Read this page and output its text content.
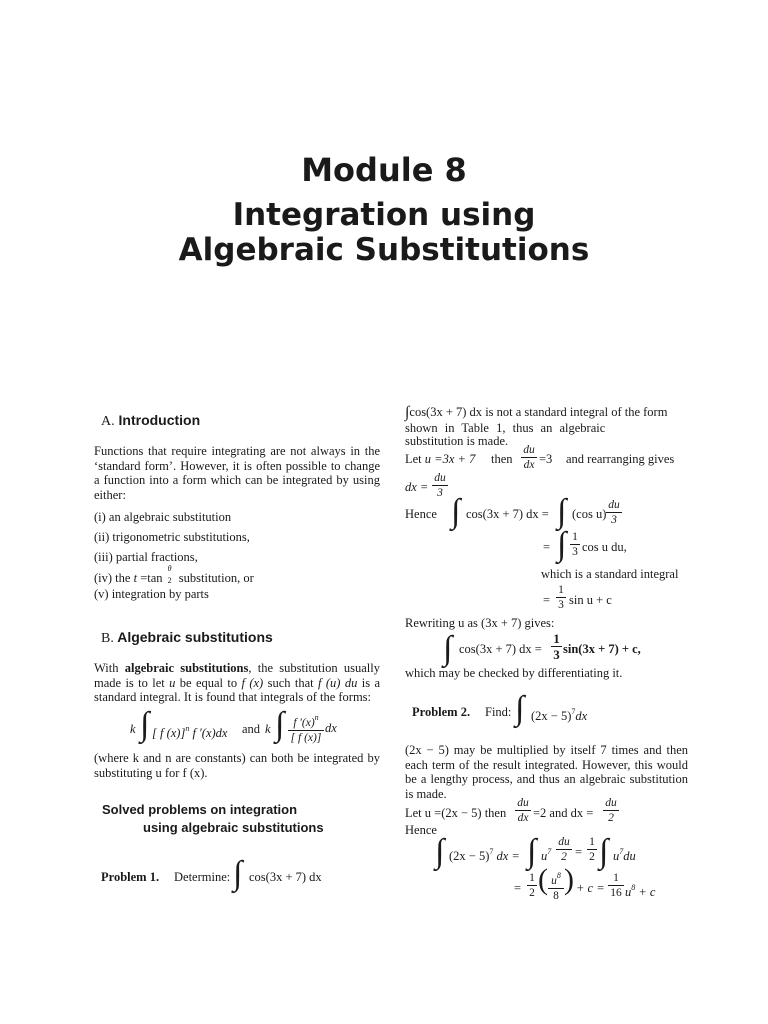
Module 8
Integration using
Algebraic Substitutions
A. Introduction
Functions that require integrating are not always in the ‘standard form’. However, it is often possible to change a function into a form which can be integrated by using either:
(i) an algebraic substitution
(ii) trigonometric substitutions,
(iii) partial fractions,
(iv) the t =tan
θ
2 substitution, or
(v) integration by parts
B. Algebraic substitutions
With algebraic substitutions, the substitution usually made is to let u be equal to f (x) such that f (u) du is a standard integral. It is found that integrals of the forms:
k ∫ [ f (x)]$^n$ f ′(x)dx and k ∫ f $'(x)^n$
[ f (x)]
dx
(where k and n are constants) can both be integrated by substituting u for f (x).
Solved problems on integration
using algebraic substitutions
Problem 1. Determine: ∫ cos(3x + 7) dx
∫cos(3x + 7) dx is not a standard integral of the form
shown in Table 1, thus an algebraic
substitution is made.
Let u =3x + 7 then
du
dx =3 and rearranging gives
dx =
du
3
Hence ∫ cos(3x + 7) dx = ∫ (cos u)
du
3
= ∫ 1
3 cos u du,
which is a standard integral
=
1
3 sin u + c
Rewriting u as (3x + 7) gives:
∫ cos(3x + 7) dx =
1
3 sin(3x + 7) + c,
which may be checked by differentiating it.
Problem 2. Find: ∫ $(2x - 5)^7dx$
(2x − 5) may be multiplied by itself 7 times and then each term of the result integrated. However, this would be a lengthy process, and thus an algebraic substitution is made.
Let u =(2x − 5) then
du
dx =2 and dx =
du
2
Hence
∫ $(2x - 5)^7$ dx = ∫ $u^7$
du
2 =
1
2 ∫ $u^7du$
=
1
2 ( $u^8$
8 ) + c =
1
16 $u^8 + c$
